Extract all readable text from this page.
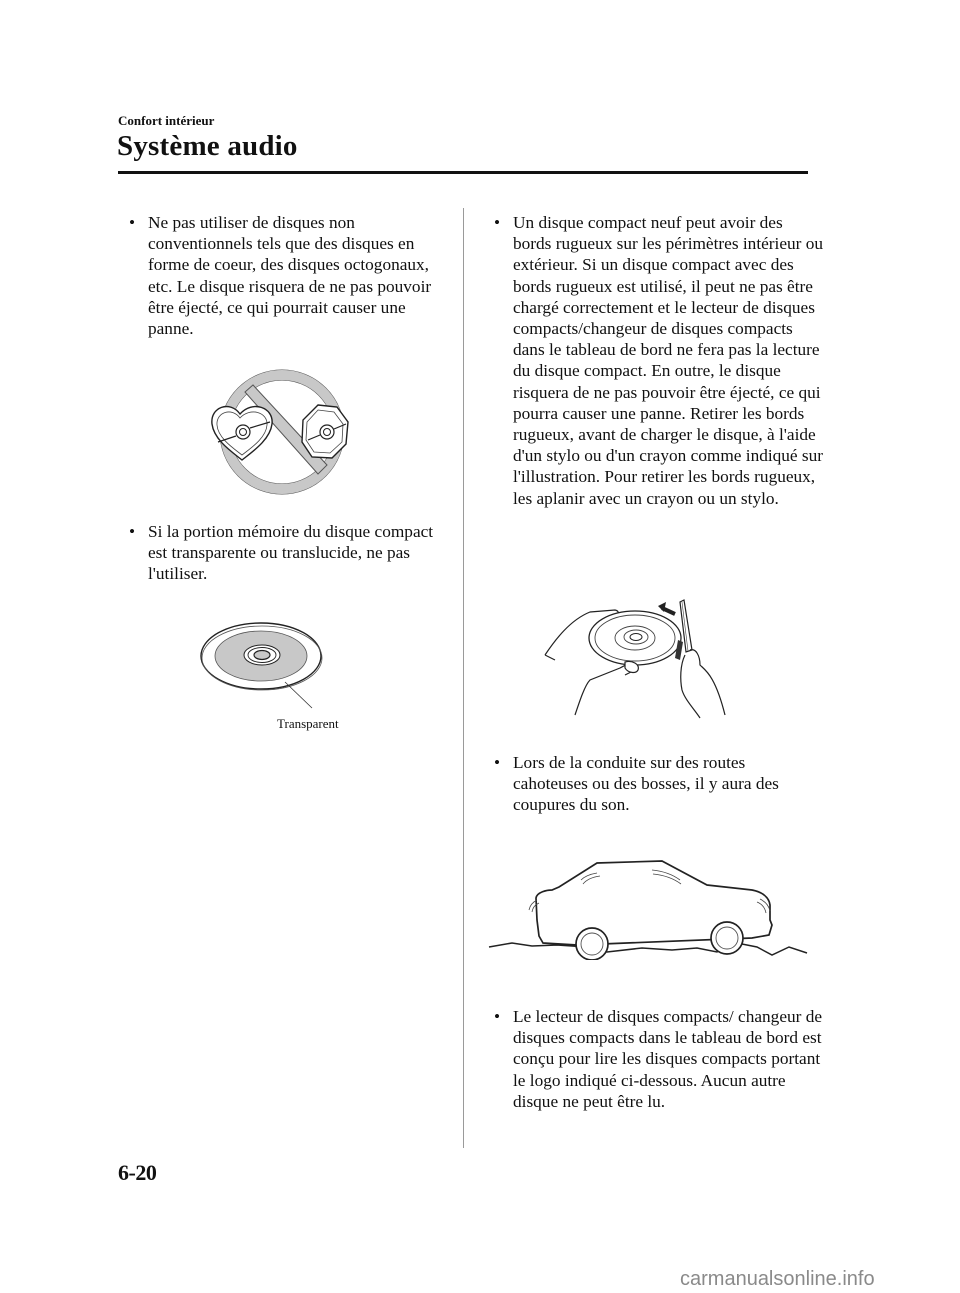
Confort intérieur
Système audio
• Ne pas utiliser de disques non conventionnels tels que des disques en forme de coeur, des disques octogonaux, etc. Le disque risquera de ne pas pouvoir être éjecté, ce qui pourrait causer une panne.
• Si la portion mémoire du disque compact est transparente ou translucide, ne pas l'utiliser.
Transparent
• Un disque compact neuf peut avoir des bords rugueux sur les périmètres intérieur ou extérieur. Si un disque compact avec des bords rugueux est utilisé, il peut ne pas être chargé correctement et le lecteur de disques compacts/changeur de disques compacts dans le tableau de bord ne fera pas la lecture du disque compact. En outre, le disque risquera de ne pas pouvoir être éjecté, ce qui pourra causer une panne. Retirer les bords rugueux, avant de charger le disque, à l'aide d'un stylo ou d'un crayon comme indiqué sur l'illustration. Pour retirer les bords rugueux, les aplanir avec un crayon ou un stylo.
• Lors de la conduite sur des routes cahoteuses ou des bosses, il y aura des coupures du son.
• Le lecteur de disques compacts/ changeur de disques compacts dans le tableau de bord est conçu pour lire les disques compacts portant le logo indiqué ci-dessous. Aucun autre disque ne peut être lu.
6-20
carmanualsonline.info
